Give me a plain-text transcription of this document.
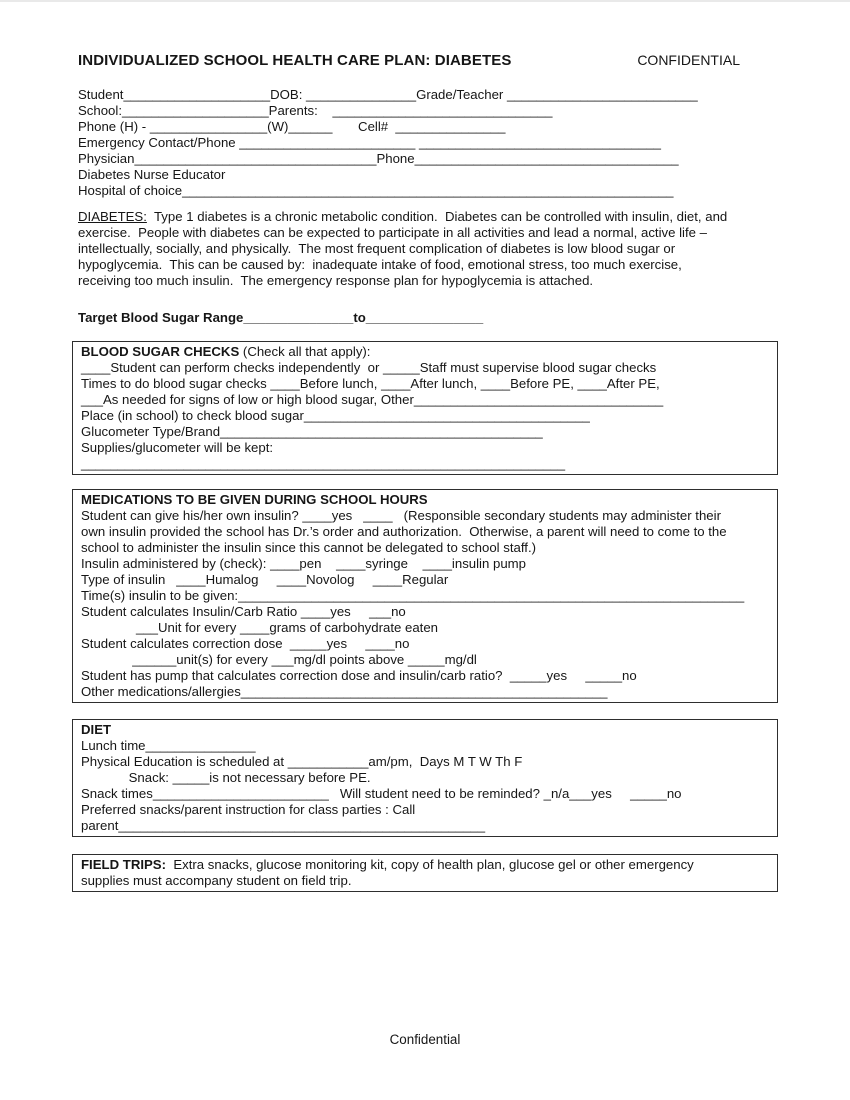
INDIVIDUALIZED SCHOOL HEALTH CARE PLAN: DIABETES	CONFIDENTIAL
Student____________________DOB: _______________Grade/Teacher __________________________
School:____________________Parents:    ______________________________
Phone (H) - ________________(W)______       Cell#  _______________
Emergency Contact/Phone ________________________ _________________________________
Physician_________________________________Phone____________________________________
Diabetes Nurse Educator
Hospital of choice___________________________________________________________________
DIABETES:  Type 1 diabetes is a chronic metabolic condition.  Diabetes can be controlled with insulin, diet, and
exercise.  People with diabetes can be expected to participate in all activities and lead a normal, active life –
intellectually, socially, and physically.  The most frequent complication of diabetes is low blood sugar or
hypoglycemia.  This can be caused by:  inadequate intake of food, emotional stress, too much exercise,
receiving too much insulin.  The emergency response plan for hypoglycemia is attached.
Target Blood Sugar Range_______________to________________
BLOOD SUGAR CHECKS (Check all that apply):
____Student can perform checks independently  or _____Staff must supervise blood sugar checks
Times to do blood sugar checks ____Before lunch, ____After lunch, ____Before PE, ____After PE,
___As needed for signs of low or high blood sugar, Other__________________________________
Place (in school) to check blood sugar_______________________________________
Glucometer Type/Brand____________________________________________
Supplies/glucometer will be kept:
__________________________________________________________________
MEDICATIONS TO BE GIVEN DURING SCHOOL HOURS
Student can give his/her own insulin? ____yes   ____   (Responsible secondary students may administer their
own insulin provided the school has Dr.’s order and authorization.  Otherwise, a parent will need to come to the
school to administer the insulin since this cannot be delegated to school staff.)
Insulin administered by (check): ____pen    ____syringe    ____insulin pump
Type of insulin   ____Humalog     ____Novolog     ____Regular
Time(s) insulin to be given:_____________________________________________________________________
Student calculates Insulin/Carb Ratio ____yes     ___no
___Unit for every ____grams of carbohydrate eaten
Student calculates correction dose  _____yes     ____no
______unit(s) for every ___mg/dl points above _____mg/dl
Student has pump that calculates correction dose and insulin/carb ratio?  _____yes     _____no
Other medications/allergies__________________________________________________
DIET
Lunch time_______________
Physical Education is scheduled at ___________am/pm,  Days M T W Th F
Snack: _____is not necessary before PE.
Snack times________________________   Will student need to be reminded? _n/a___yes     _____no
Preferred snacks/parent instruction for class parties : Call
parent__________________________________________________
FIELD TRIPS:  Extra snacks, glucose monitoring kit, copy of health plan, glucose gel or other emergency
supplies must accompany student on field trip.
Confidential
